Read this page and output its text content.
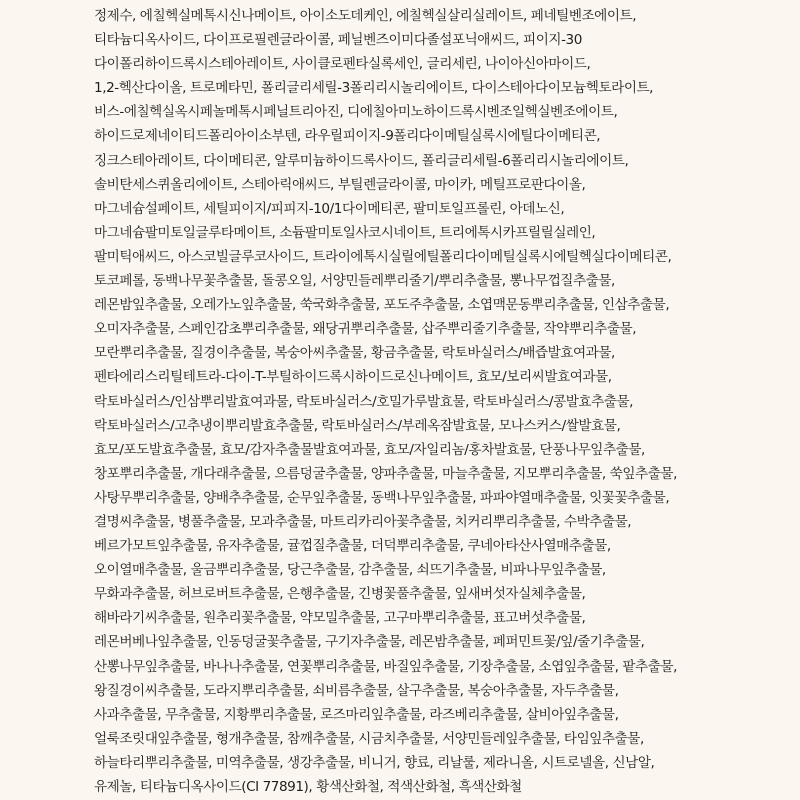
정제수, 에칠헥실메톡시신나메이트, 아이소도데케인, 에칠헥실살리실레이트, 페네틸벤조에이트,
티타늄디옥사이드, 다이프로필렌글라이콜, 페닐벤즈이미다졸설포닉애씨드, 피이지-30
다이폴리하이드록시스테아레이트, 사이클로펜타실록세인, 글리세린, 나이아신아마이드,
1,2-헥산다이올, 트로메타민, 폴리글리세릴-3폴리리시놀리에이트, 다이스테아다이모늄헥토라이트,
비스-에칠헥실옥시페놀메톡시페닐트리아진, 디에칠아미노하이드록시벤조일헥실벤조에이트,
하이드로제네이티드폴리아이소부텐, 라우릴피이지-9폴리다이메틸실록시에틸다이메티콘,
징크스테아레이트, 다이메티콘, 알루미늄하이드록사이드, 폴리글리세릴-6폴리리시놀리에이트,
솔비탄세스퀴올리에이트, 스테아릭애씨드, 부틸렌글라이콜, 마이카, 메틸프로판다이올,
마그네슘설페이트, 세틸피이지/피피지-10/1다이메티콘, 팔미토일프롤린, 아데노신,
마그네슘팔미토일글루타메이트, 소듐팔미토일사코시네이트, 트리에톡시카프릴릴실레인,
팔미틱애씨드, 아스코빌글루코사이드, 트라이에톡시실릴에틸폴리다이메틸실록시에틸헥실다이메티콘,
토코페롤, 동백나무꽃추출물, 돌콩오일, 서양민들레뿌리줄기/뿌리추출물, 뽕나무껍질추출물,
레몬밤잎추출물, 오레가노잎추출물, 쑥국화추출물, 포도주추출물, 소엽맥문동뿌리추출물, 인삼추출물,
오미자추출물, 스페인감초뿌리추출물, 왜당귀뿌리추출물, 삽주뿌리줄기추출물, 작약뿌리추출물,
모란뿌리추출물, 질경이추출물, 복숭아씨추출물, 황금추출물, 락토바실러스/배즙발효여과물,
펜타에리스리틸테트라-다이-T-부틸하이드록시하이드로신나메이트, 효모/보리씨발효여과물,
락토바실러스/인삼뿌리발효여과물, 락토바실러스/호밀가루발효물, 락토바실러스/콩발효추출물,
락토바실러스/고추냉이뿌리발효추출물, 락토바실러스/부레옥잠발효물, 모나스커스/쌀발효물,
효모/포도발효추출물, 효모/감자추출물발효여과물, 효모/자일리놈/홍차발효물, 단풍나무잎추출물,
창포뿌리추출물, 개다래추출물, 으름덩굴추출물, 양파추출물, 마늘추출물, 지모뿌리추출물, 쑥잎추출물,
사탕무뿌리추출물, 양배추추출물, 순무잎추출물, 동백나무잎추출물, 파파야열매추출물, 잇꽃꽃추출물,
결명씨추출물, 병풀추출물, 모과추출물, 마트리카리아꽃추출물, 치커리뿌리추출물, 수박추출물,
베르가모트잎추출물, 유자추출물, 귤껍질추출물, 더덕뿌리추출물, 쿠네아타산사열매추출물,
오이열매추출물, 울금뿌리추출물, 당근추출물, 감추출물, 쇠뜨기추출물, 비파나무잎추출물,
무화과추출물, 허브로버트추출물, 은행추출물, 긴병꽃풀추출물, 잎새버섯자실체추출물,
해바라기씨추출물, 원추리꽃추출물, 약모밀추출물, 고구마뿌리추출물, 표고버섯추출물,
레몬버베나잎추출물, 인동덩굴꽃추출물, 구기자추출물, 레몬밤추출물, 페퍼민트꽃/잎/줄기추출물,
산뽕나무잎추출물, 바나나추출물, 연꽃뿌리추출물, 바질잎추출물, 기장추출물, 소엽잎추출물, 팥추출물,
왕질경이씨추출물, 도라지뿌리추출물, 쇠비름추출물, 살구추출물, 복숭아추출물, 자두추출물,
사과추출물, 무추출물, 지황뿌리추출물, 로즈마리잎추출물, 라즈베리추출물, 살비아잎추출물,
얼룩조릿대잎추출물, 형개추출물, 참깨추출물, 시금치추출물, 서양민들레잎추출물, 타임잎추출물,
하늘타리뿌리추출물, 미역추출물, 생강추출물, 비니거, 향료, 리날룰, 제라니올, 시트로넬올, 신남알,
유제놀, 티타늄디옥사이드(CI 77891), 황색산화철, 적색산화철, 흑색산화철
